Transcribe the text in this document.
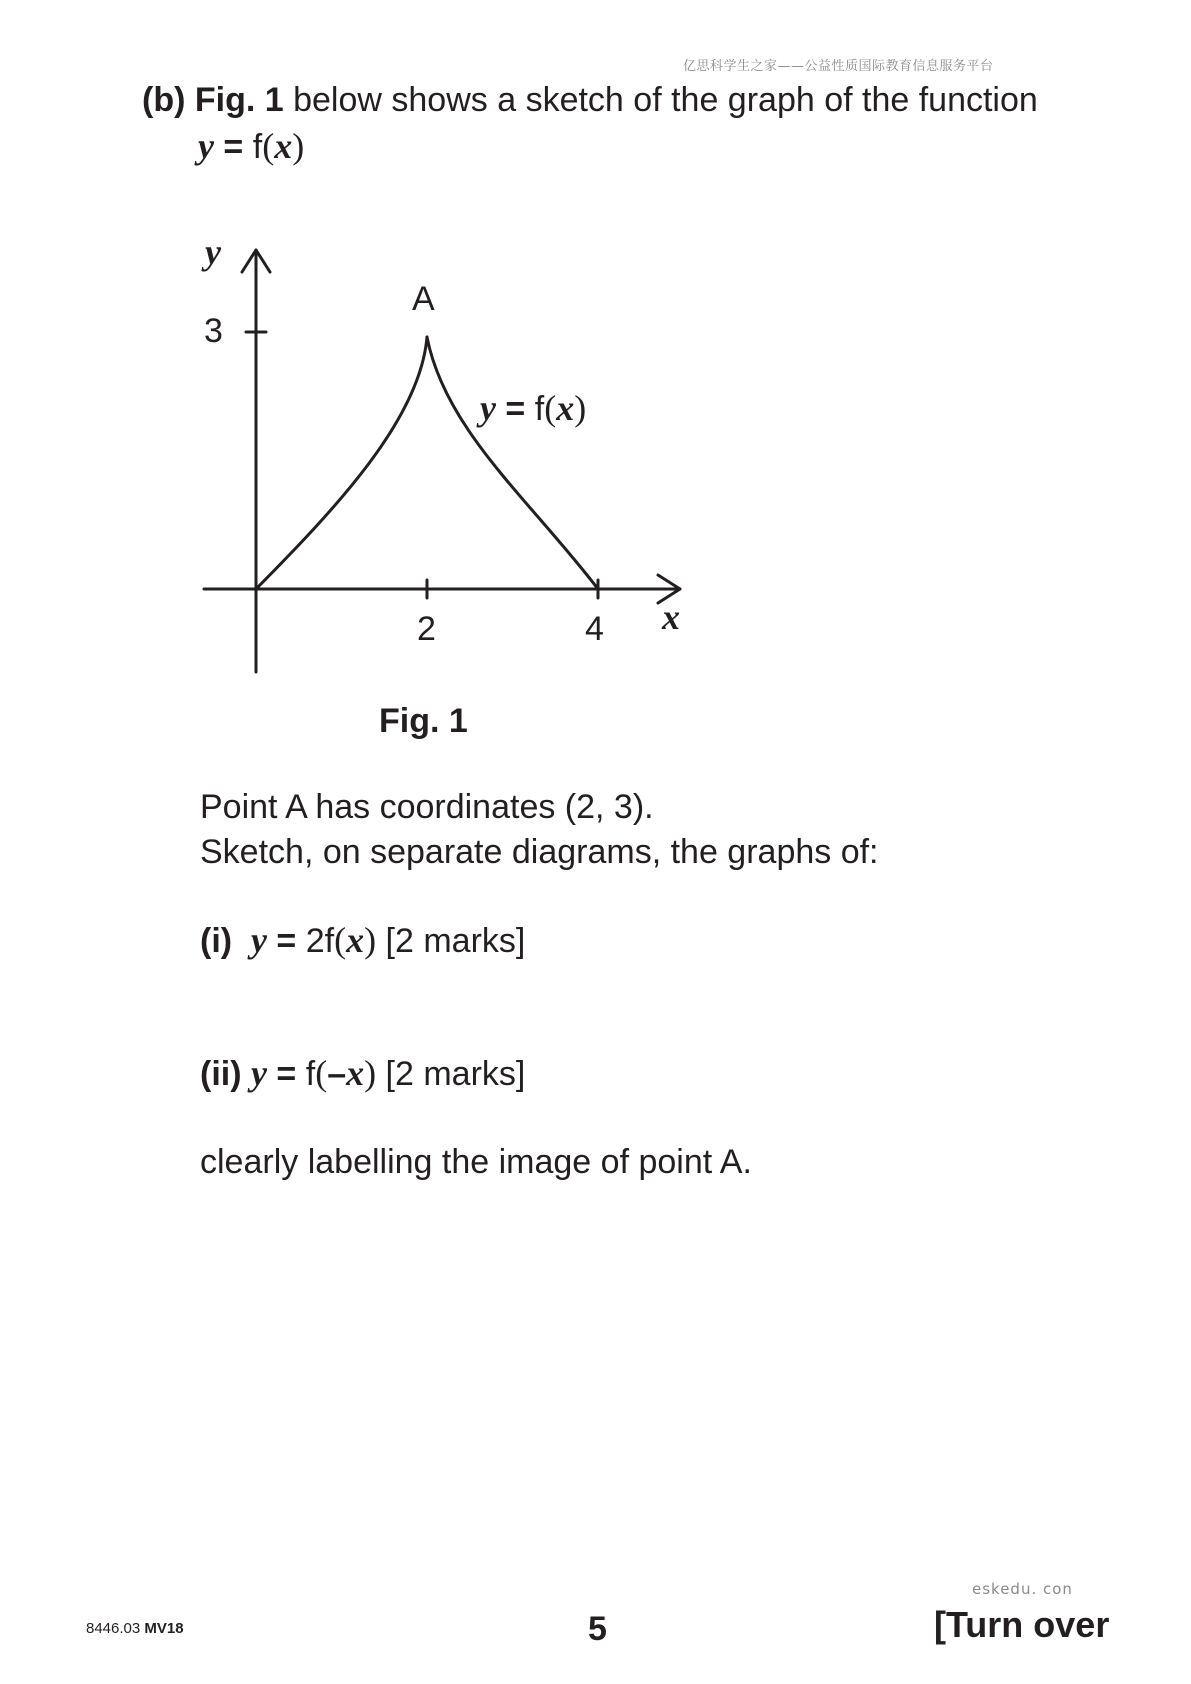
亿思科学生之家——公益性质国际教育信息服务平台
(b) Fig. 1 below shows a sketch of the graph of the function
y = f(x)
y
x
3
2	4
A
y = f(x)
Fig. 1
Point A has coordinates (2, 3).
Sketch, on separate diagrams, the graphs of:
(i) y = 2f(x) [2 marks]
(ii) y = f(–x) [2 marks]
clearly labelling the image of point A.
8446.03 MV18	5
eskedu. con
[Turn over
